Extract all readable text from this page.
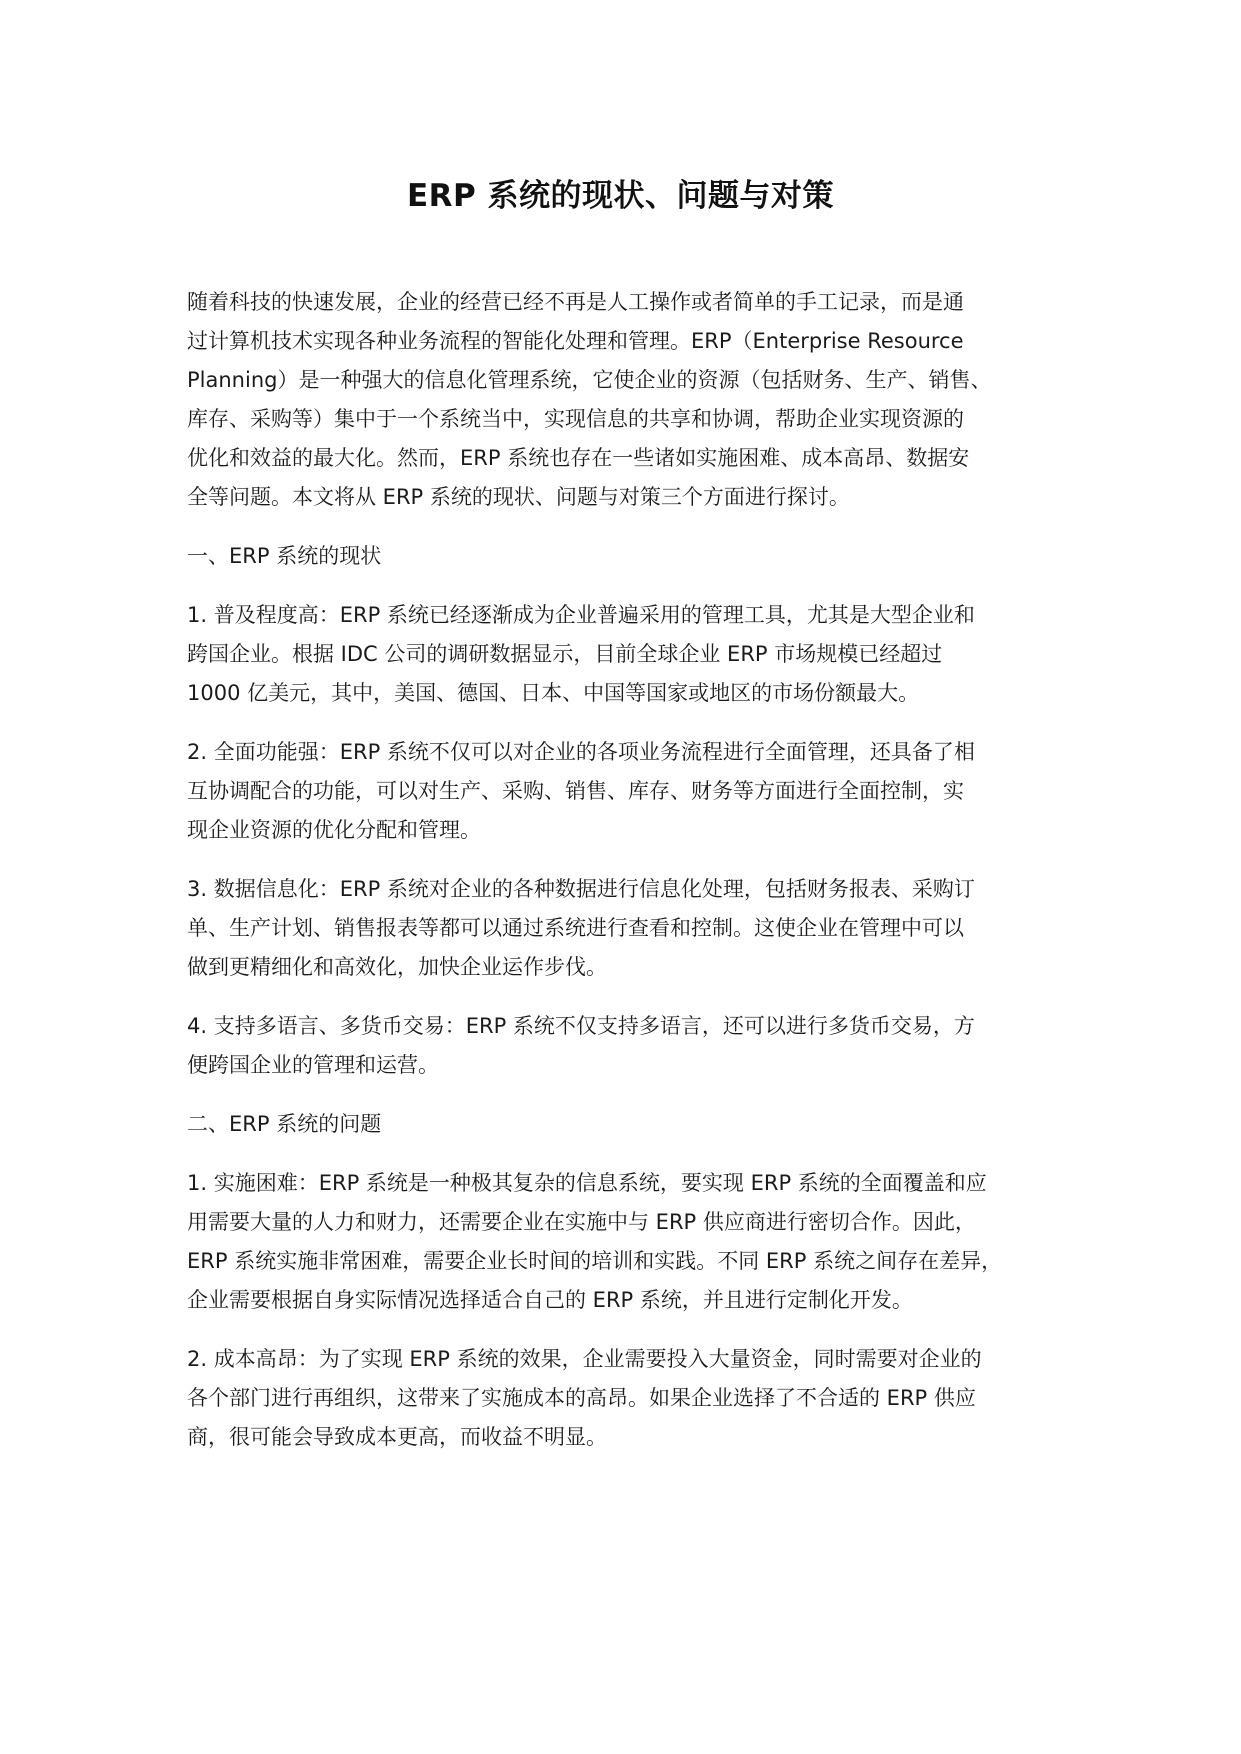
ERP 系统的现状、问题与对策
随着科技的快速发展，企业的经营已经不再是人工操作或者简单的手工记录，而是通
过计算机技术实现各种业务流程的智能化处理和管理。ERP（Enterprise Resource
Planning）是一种强大的信息化管理系统，它使企业的资源（包括财务、生产、销售、
库存、采购等）集中于一个系统当中，实现信息的共享和协调，帮助企业实现资源的
优化和效益的最大化。然而，ERP 系统也存在一些诸如实施困难、成本高昂、数据安
全等问题。本文将从 ERP 系统的现状、问题与对策三个方面进行探讨。
一、ERP 系统的现状
1. 普及程度高：ERP 系统已经逐渐成为企业普遍采用的管理工具，尤其是大型企业和
跨国企业。根据 IDC 公司的调研数据显示，目前全球企业 ERP 市场规模已经超过
1000 亿美元，其中，美国、德国、日本、中国等国家或地区的市场份额最大。
2. 全面功能强：ERP 系统不仅可以对企业的各项业务流程进行全面管理，还具备了相
互协调配合的功能，可以对生产、采购、销售、库存、财务等方面进行全面控制，实
现企业资源的优化分配和管理。
3. 数据信息化：ERP 系统对企业的各种数据进行信息化处理，包括财务报表、采购订
单、生产计划、销售报表等都可以通过系统进行查看和控制。这使企业在管理中可以
做到更精细化和高效化，加快企业运作步伐。
4. 支持多语言、多货币交易：ERP 系统不仅支持多语言，还可以进行多货币交易，方
便跨国企业的管理和运营。
二、ERP 系统的问题
1. 实施困难：ERP 系统是一种极其复杂的信息系统，要实现 ERP 系统的全面覆盖和应
用需要大量的人力和财力，还需要企业在实施中与 ERP 供应商进行密切合作。因此，
ERP 系统实施非常困难，需要企业长时间的培训和实践。不同 ERP 系统之间存在差异，
企业需要根据自身实际情况选择适合自己的 ERP 系统，并且进行定制化开发。
2. 成本高昂：为了实现 ERP 系统的效果，企业需要投入大量资金，同时需要对企业的
各个部门进行再组织，这带来了实施成本的高昂。如果企业选择了不合适的 ERP 供应
商，很可能会导致成本更高，而收益不明显。
